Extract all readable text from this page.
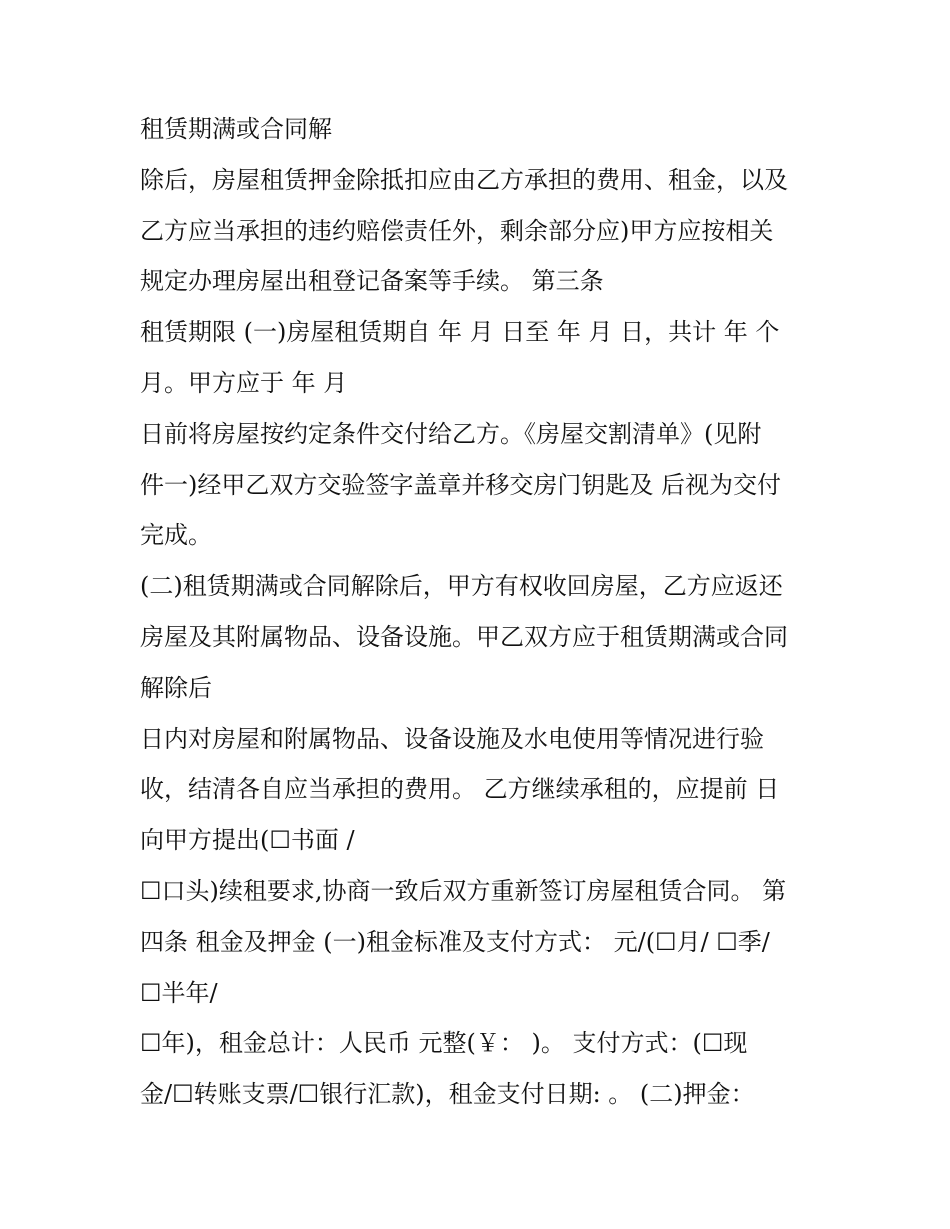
租赁期满或合同解
除后，房屋租赁押金除抵扣应由乙方承担的费用、租金，以及
乙方应当承担的违约赔偿责任外，剩余部分应)甲方应按相关
规定办理房屋出租登记备案等手续。 第三条
租赁期限 (一)房屋租赁期自 年 月 日至 年 月 日，共计 年 个
月。甲方应于 年 月
日前将房屋按约定条件交付给乙方。《房屋交割清单》(见附
件一)经甲乙双方交验签字盖章并移交房门钥匙及 后视为交付
完成。
(二)租赁期满或合同解除后，甲方有权收回房屋，乙方应返还
房屋及其附属物品、设备设施。甲乙双方应于租赁期满或合同
解除后
日内对房屋和附属物品、设备设施及水电使用等情况进行验
收，结清各自应当承担的费用。 乙方继续承租的，应提前 日
向甲方提出(☐书面 /
☐口头)续租要求,协商一致后双方重新签订房屋租赁合同。 第
四条 租金及押金 (一)租金标准及支付方式： 元/(☐月/ ☐季/
☐半年/
☐年)，租金总计：人民币 元整(￥： )。 支付方式：(☐现
金/☐转账支票/☐银行汇款)，租金支付日期: 。 (二)押金：
